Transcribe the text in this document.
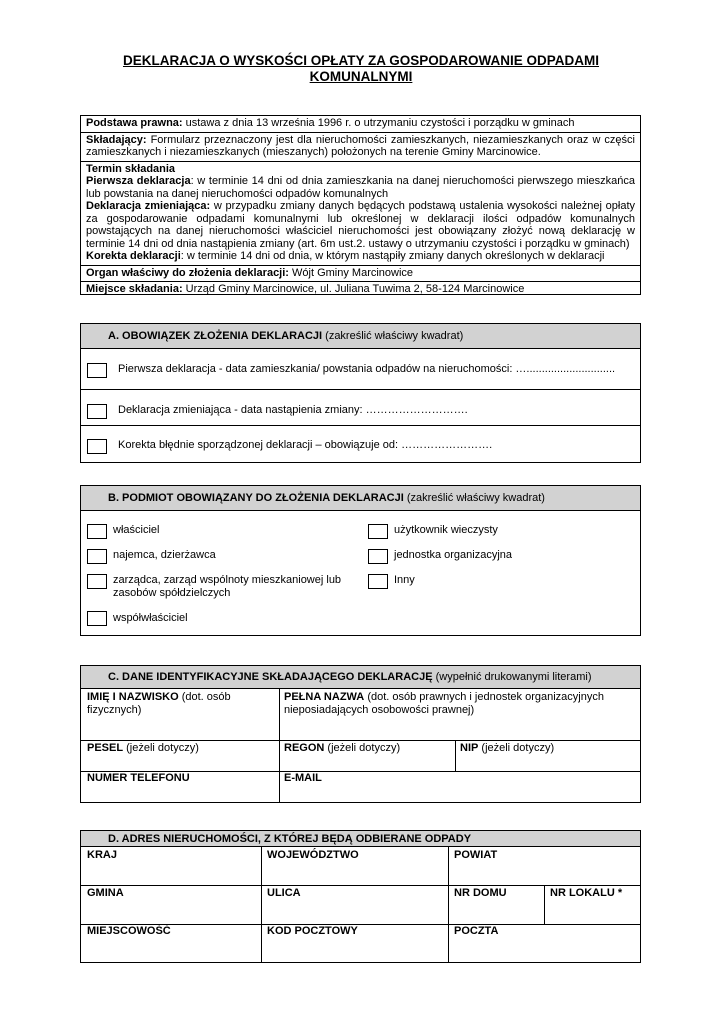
DEKLARACJA O WYSKOŚCI OPŁATY ZA GOSPODAROWANIE ODPADAMI
KOMUNALNYMI
Podstawa prawna: ustawa z dnia 13 września 1996 r. o utrzymaniu czystości i porządku w gminach
Składający: Formularz przeznaczony jest dla nieruchomości zamieszkanych, niezamieszkanych oraz w części zamieszkanych i niezamieszkanych (mieszanych) położonych na terenie Gminy Marcinowice.
Termin składania
Pierwsza deklaracja: w terminie 14 dni od dnia zamieszkania na danej nieruchomości pierwszego mieszkańca lub powstania na danej nieruchomości odpadów komunalnych
Deklaracja zmieniająca: w przypadku zmiany danych będących podstawą ustalenia wysokości należnej opłaty za gospodarowanie odpadami komunalnymi lub określonej w deklaracji ilości odpadów komunalnych powstających na danej nieruchomości właściciel nieruchomości jest obowiązany złożyć nową deklarację w terminie 14 dni od dnia nastąpienia zmiany (art. 6m ust.2. ustawy o utrzymaniu czystości i porządku w gminach)
Korekta deklaracji: w terminie 14 dni od dnia, w którym nastąpiły zmiany danych określonych w deklaracji
Organ właściwy do złożenia deklaracji: Wójt Gminy Marcinowice
Miejsce składania: Urząd Gminy Marcinowice, ul. Juliana Tuwima 2, 58-124 Marcinowice
A. OBOWIĄZEK ZŁOŻENIA DEKLARACJI (zakreślić właściwy kwadrat)
Pierwsza deklaracja - data zamieszkania/ powstania odpadów na nieruchomości: ….............................
Deklaracja zmieniająca - data nastąpienia zmiany: ……………………….
Korekta błędnie sporządzonej deklaracji – obowiązuje od: …………………….
B. PODMIOT OBOWIĄZANY DO ZŁOŻENIA DEKLARACJI (zakreślić właściwy kwadrat)
właściciel
najemca, dzierżawca
zarządca, zarząd wspólnoty mieszkaniowej lub zasobów spółdzielczych
współwłaściciel
użytkownik wieczysty
jednostka organizacyjna
Inny
C. DANE IDENTYFIKACYJNE SKŁADAJĄCEGO DEKLARACJĘ (wypełnić drukowanymi literami)
IMIĘ I NAZWISKO (dot. osób fizycznych)
PEŁNA NAZWA (dot. osób prawnych i jednostek organizacyjnych nieposiadających osobowości prawnej)
PESEL (jeżeli dotyczy)	REGON (jeżeli dotyczy)	NIP (jeżeli dotyczy)
NUMER TELEFONU	E-MAIL
D. ADRES NIERUCHOMOŚCI, Z KTÓREJ BĘDĄ ODBIERANE ODPADY
KRAJ	WOJEWÓDZTWO	POWIAT
GMINA	ULICA	NR DOMU	NR LOKALU *
MIEJSCOWOŚĆ	KOD POCZTOWY	POCZTA
